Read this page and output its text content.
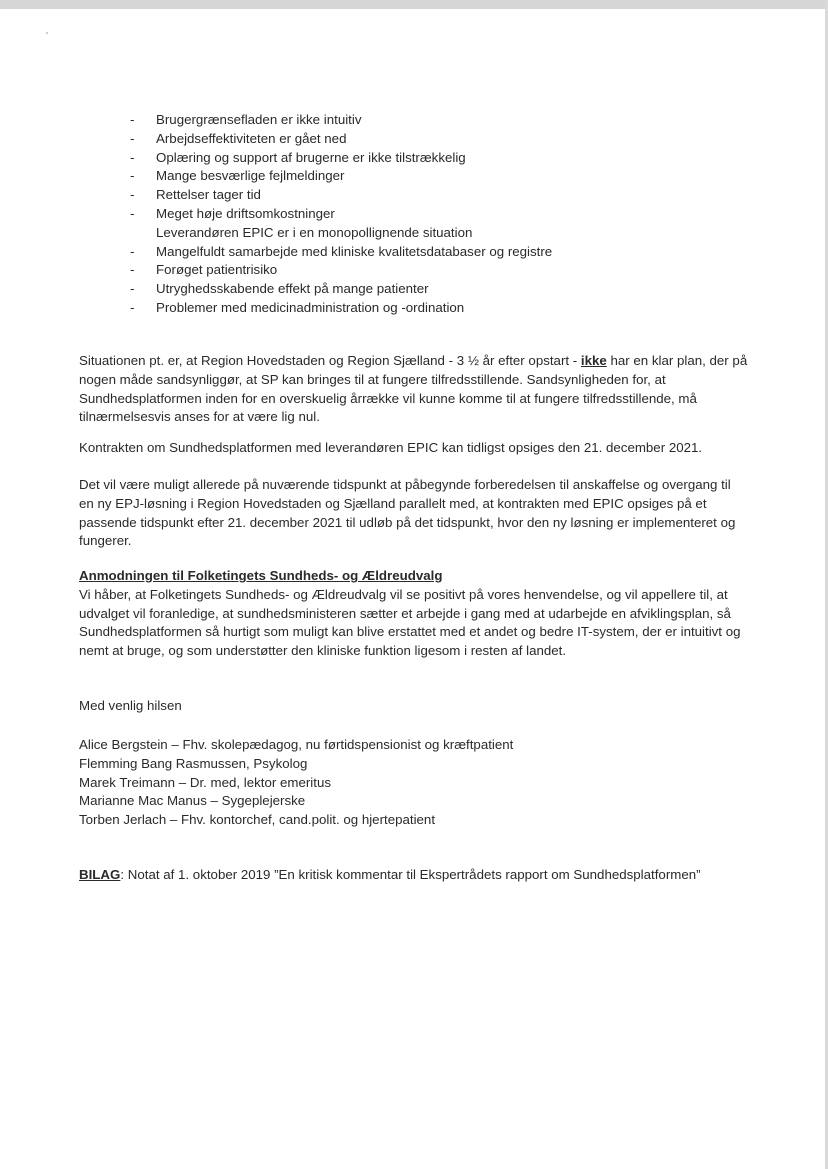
-	Brugergrænsefladen er ikke intuitiv
-	Arbejdseffektiviteten er gået ned
-	Oplæring og support af brugerne er ikke tilstrækkelig
-	Mange besværlige fejlmeldinger
-	Rettelser tager tid
-	Meget høje driftsomkostninger
Leverandøren EPIC er i en monopollignende situation
-	Mangelfuldt samarbejde med kliniske kvalitetsdatabaser og registre
-	Forøget patientrisiko
-	Utryghedsskabende effekt på mange patienter
-	Problemer med medicinadministration og -ordination

Situationen pt. er, at Region Hovedstaden og Region Sjælland - 3 ½ år efter opstart - ikke har en klar plan, der på nogen måde sandsynliggør, at SP kan bringes til at fungere tilfredsstillende. Sandsynligheden for, at Sundhedsplatformen inden for en overskuelig årrække vil kunne komme til at fungere tilfredsstillende, må tilnærmelsesvis anses for at være lig nul.

Kontrakten om Sundhedsplatformen med leverandøren EPIC kan tidligst opsiges den 21. december 2021.

Det vil være muligt allerede på nuværende tidspunkt at påbegynde forberedelsen til anskaffelse og overgang til en ny EPJ-løsning i Region Hovedstaden og Sjælland parallelt med, at kontrakten med EPIC opsiges på et passende tidspunkt efter 21. december 2021 til udløb på det tidspunkt, hvor den ny løsning er implementeret og fungerer.

Anmodningen til Folketingets Sundheds- og Ældreudvalg
Vi håber, at Folketingets Sundheds- og Ældreudvalg vil se positivt på vores henvendelse, og vil appellere til, at udvalget vil foranledige, at sundhedsministeren sætter et arbejde i gang med at udarbejde en afviklingsplan, så Sundhedsplatformen så hurtigt som muligt kan blive erstattet med et andet og bedre IT-system, der er intuitivt og nemt at bruge, og som understøtter den kliniske funktion ligesom i resten af landet.

Med venlig hilsen

Alice Bergstein – Fhv. skolepædagog, nu førtidspensionist og kræftpatient
Flemming Bang Rasmussen, Psykolog
Marek Treimann – Dr. med, lektor emeritus
Marianne Mac Manus – Sygeplejerske
Torben Jerlach – Fhv. kontorchef, cand.polit. og hjertepatient

BILAG: Notat af 1. oktober 2019 ”En kritisk kommentar til Ekspertrådets rapport om Sundhedsplatformen”
